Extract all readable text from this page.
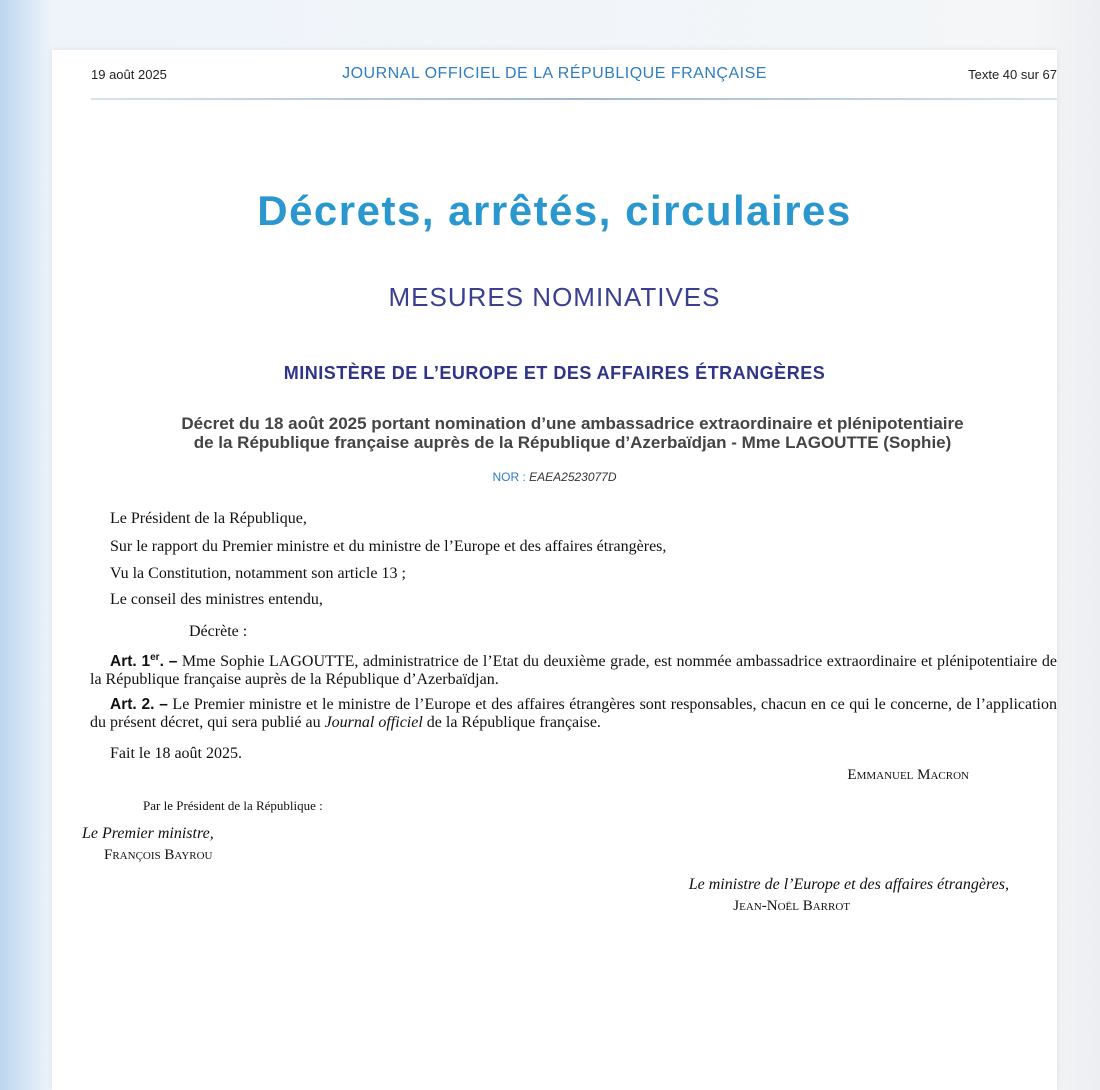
19 août 2025	JOURNAL OFFICIEL DE LA RÉPUBLIQUE FRANÇAISE	Texte 40 sur 67
Décrets, arrêtés, circulaires
MESURES NOMINATIVES
MINISTÈRE DE L’EUROPE ET DES AFFAIRES ÉTRANGÈRES
Décret du 18 août 2025 portant nomination d’une ambassadrice extraordinaire et plénipotentiaire
de la République française auprès de la République d’Azerbaïdjan - Mme LAGOUTTE (Sophie)
NOR : EAEA2523077D
Le Président de la République,
Sur le rapport du Premier ministre et du ministre de l’Europe et des affaires étrangères,
Vu la Constitution, notamment son article 13 ;
Le conseil des ministres entendu,
Décrète :
Art. 1er. – Mme Sophie LAGOUTTE, administratrice de l’Etat du deuxième grade, est nommée ambassadrice extraordinaire et plénipotentiaire de la République française auprès de la République d’Azerbaïdjan.
Art. 2. – Le Premier ministre et le ministre de l’Europe et des affaires étrangères sont responsables, chacun en ce qui le concerne, de l’application du présent décret, qui sera publié au Journal officiel de la République française.
Fait le 18 août 2025.
Emmanuel Macron
Par le Président de la République :
Le Premier ministre,
François Bayrou
Le ministre de l’Europe et des affaires étrangères,
Jean-Noël Barrot
